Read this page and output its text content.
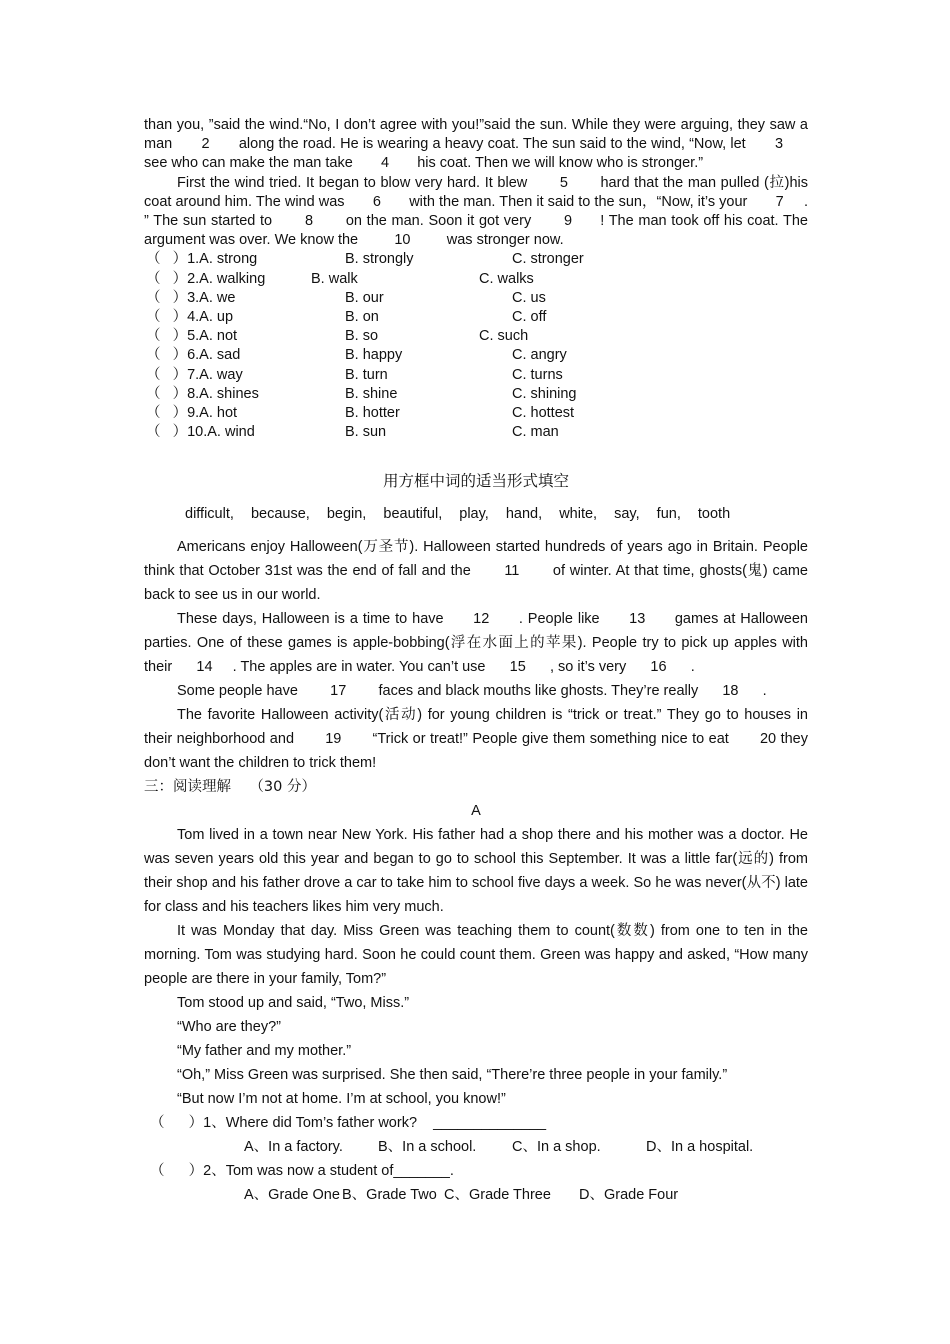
than you, ”said the wind.“No, I don’t agree with you!”said the sun. While they were arguing, they saw a man       2       along the road. He is wearing a heavy coat. The sun said to the wind, “Now, let       3       see who can make the man take       4       his coat. Then we will know who is stronger.”

First the wind tried. It began to blow very hard. It blew       5       hard that the man pulled (拉)his coat around him. The wind was       6       with the man. Then it said to the sun，“Now, it’s your       7     . ” The sun started to       8       on the man. Soon it got very       9      ! The man took off his coat. The argument was over. We know the         10         was stronger now.

（   ）1.A. strong	B. strongly	C. stronger
（   ）2.A. walking	B. walk	C. walks
（   ）3.A. we	B. our	C. us
（   ）4.A. up	B. on	C. off
（   ）5.A. not	B. so	C. such
（   ）6.A. sad	B. happy	C. angry
（   ）7.A. way	B. turn	C. turns
（   ）8.A. shines	B. shine	C. shining
（   ）9.A. hot	B. hotter	C. hottest
（   ）10.A. wind	B. sun	C. man
用方框中词的适当形式填空
difficult, because, begin, beautiful, play, hand, white, say, fun, tooth

Americans enjoy Halloween(万圣节). Halloween started hundreds of years ago in Britain. People think that October 31st was the end of fall and the       11       of winter. At that time, ghosts(鬼) came back to see us in our world.

These days, Halloween is a time to have      12      . People like      13      games at Halloween parties. One of these games is apple-bobbing(浮在水面上的苹果). People try to pick up apples with their      14     . The apples are in water. You can’t use      15      , so it’s very      16      .

Some people have        17        faces and black mouths like ghosts. They’re really      18      .

The favorite Halloween activity(活动) for young children is “trick or treat.” They go to houses in their neighborhood and       19       “Trick or treat!” People give them something nice to eat       20 they don’t want the children to trick them!

三：阅读理解    （30 分）
A

Tom lived in a town near New York. His father had a shop there and his mother was a doctor. He was seven years old this year and began to go to school this September. It was a little far(远的) from their shop and his father drove a car to take him to school five days a week. So he was never(从不) late for class and his teachers likes him very much.

It was Monday that day. Miss Green was teaching them to count(数数) from one to ten in the morning. Tom was studying hard. Soon he could count them. Green was happy and asked, “How many people are there in your family, Tom?”

Tom stood up and said, “Two, Miss.”

“Who are they?”

“My father and my mother.”

“Oh,” Miss Green was surprised. She then said, “There’re three people in your family.”

“But now I’m not at home. I’m at school, you know!”

（      ）1、Where did Tom’s father work?    ______________
A、In a factory. B、In a school. C、In a shop.	D、In a hospital.
（      ）2、Tom was now a student of_______.
A、Grade One B、Grade Two C、Grade Three D、Grade Four
